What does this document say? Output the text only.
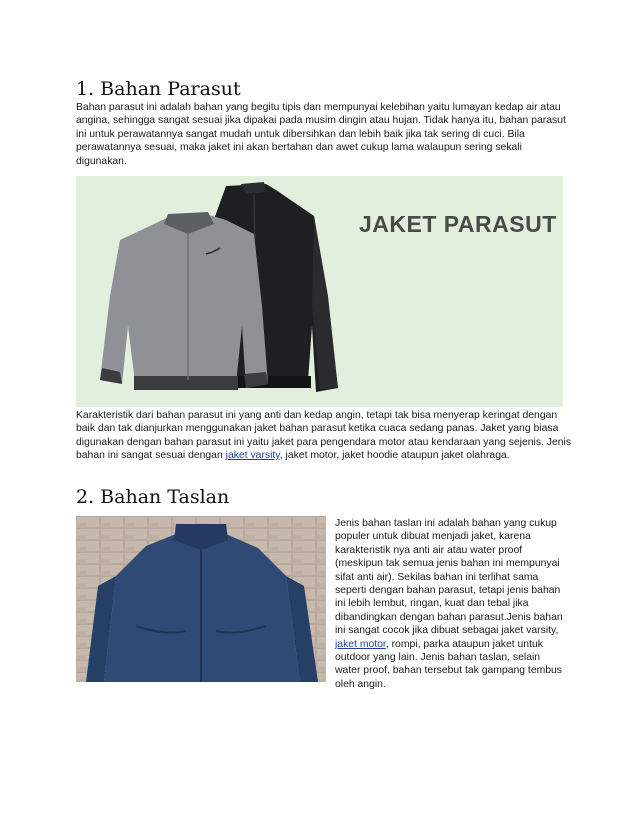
1. Bahan Parasut

Bahan parasut ini adalah bahan yang begitu tipis dan mempunyai kelebihan yaitu lumayan kedap air atau angina, sehingga sangat sesuai jika dipakai pada musim dingin atau hujan. Tidak hanya itu, bahan parasut ini untuk perawatannya sangat mudah untuk dibersihkan dan lebih baik jika tak sering di cuci. Bila perawatannya sesuai, maka jaket ini akan bertahan dan awet cukup lama walaupun sering sekali digunakan.

JAKET PARASUT

Karakteristik dari bahan parasut ini yang anti dan kedap angin, tetapi tak bisa menyerap keringat dengan baik dan tak dianjurkan menggunakan jaket bahan parasut ketika cuaca sedang panas. Jaket yang biasa digunakan dengan bahan parasut ini yaitu jaket para pengendara motor atau kendaraan yang sejenis. Jenis bahan ini sangat sesuai dengan jaket varsity, jaket motor, jaket hoodie ataupun jaket olahraga.

2. Bahan Taslan

Jenis bahan taslan ini adalah bahan yang cukup populer untuk dibuat menjadi jaket, karena karakteristik nya anti air atau water proof (meskipun tak semua jenis bahan ini mempunyai sifat anti air). Sekilas bahan ini terlihat sama seperti dengan bahan parasut, tetapi jenis bahan ini lebih lembut, ringan, kuat dan tebal jika dibandingkan dengan bahan parasut.Jenis bahan ini sangat cocok jika dibuat sebagai jaket varsity, jaket motor, rompi, parka ataupun jaket untuk outdoor yang lain. Jenis bahan taslan, selain water proof, bahan tersebut tak gampang tembus oleh angin.
